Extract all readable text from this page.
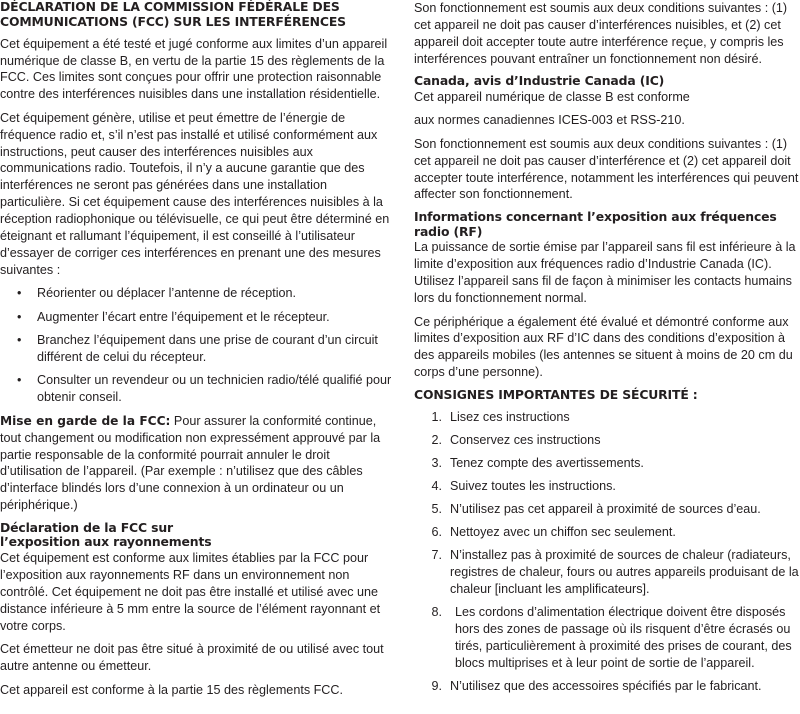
DÉCLARATION DE LA COMMISSION FÉDÉRALE DES COMMUNICATIONS (FCC) SUR LES INTERFÉRENCES

Cet équipement a été testé et jugé conforme aux limites d’un appareil numérique de classe B, en vertu de la partie 15 des règlements de la FCC. Ces limites sont conçues pour offrir une protection raisonnable contre des interférences nuisibles dans une installation résidentielle.

Cet équipement génère, utilise et peut émettre de l’énergie de fréquence radio et, s’il n’est pas installé et utilisé conformément aux instructions, peut causer des interférences nuisibles aux communications radio. Toutefois, il n’y a aucune garantie que des interférences ne seront pas générées dans une installation particulière. Si cet équipement cause des interférences nuisibles à la réception radiophonique ou télévisuelle, ce qui peut être déterminé en éteignant et rallumant l’équipement, il est conseillé à l’utilisateur d’essayer de corriger ces interférences en prenant une des mesures suivantes :

• Réorienter ou déplacer l’antenne de réception.
• Augmenter l’écart entre l’équipement et le récepteur.
• Branchez l’équipement dans une prise de courant d’un circuit différent de celui du récepteur.
• Consulter un revendeur ou un technicien radio/télé qualifié pour obtenir conseil.

Mise en garde de la FCC: Pour assurer la conformité continue, tout changement ou modification non expressément approuvé par la partie responsable de la conformité pourrait annuler le droit d’utilisation de l’appareil. (Par exemple : n’utilisez que des câbles d’interface blindés lors d’une connexion à un ordinateur ou un périphérique.)

Déclaration de la FCC sur
l’exposition aux rayonnements

Cet équipement est conforme aux limites établies par la FCC pour l’exposition aux rayonnements RF dans un environnement non contrôlé. Cet équipement ne doit pas être installé et utilisé avec une distance inférieure à 5 mm entre la source de l’élément rayonnant et votre corps.

Cet émetteur ne doit pas être situé à proximité de ou utilisé avec tout autre antenne ou émetteur.

Cet appareil est conforme à la partie 15 des règlements FCC.

Son fonctionnement est soumis aux deux conditions suivantes : (1) cet appareil ne doit pas causer d’interférences nuisibles, et (2) cet appareil doit accepter toute autre interférence reçue, y compris les interférences pouvant entraîner un fonctionnement non désiré.

Canada, avis d’Industrie Canada (IC)

Cet appareil numérique de classe B est conforme

aux normes canadiennes ICES-003 et RSS-210.

Son fonctionnement est soumis aux deux conditions suivantes : (1) cet appareil ne doit pas causer d’interférence et (2) cet appareil doit accepter toute interférence, notamment les interférences qui peuvent affecter son fonctionnement.

Informations concernant l’exposition aux fréquences radio (RF)

La puissance de sortie émise par l’appareil sans fil est inférieure à la limite d’exposition aux fréquences radio d’Industrie Canada (IC). Utilisez l’appareil sans fil de façon à minimiser les contacts humains lors du fonctionnement normal.

Ce périphérique a également été évalué et démontré conforme aux limites d’exposition aux RF d’IC dans des conditions d’exposition à des appareils mobiles (les antennes se situent à moins de 20 cm du corps d’une personne).

CONSIGNES IMPORTANTES DE SÉCURITÉ :
1. Lisez ces instructions
2. Conservez ces instructions
3. Tenez compte des avertissements.
4. Suivez toutes les instructions.
5. N’utilisez pas cet appareil à proximité de sources d’eau.
6. Nettoyez avec un chiffon sec seulement.
7. N’installez pas à proximité de sources de chaleur (radiateurs, registres de chaleur, fours ou autres appareils produisant de la chaleur [incluant les amplificateurs].
8. Les cordons d’alimentation électrique doivent être disposés hors des zones de passage où ils risquent d’être écrasés ou tirés, particulièrement à proximité des prises de courant, des blocs multiprises et à leur point de sortie de l’appareil.
9. N’utilisez que des accessoires spécifiés par le fabricant.
